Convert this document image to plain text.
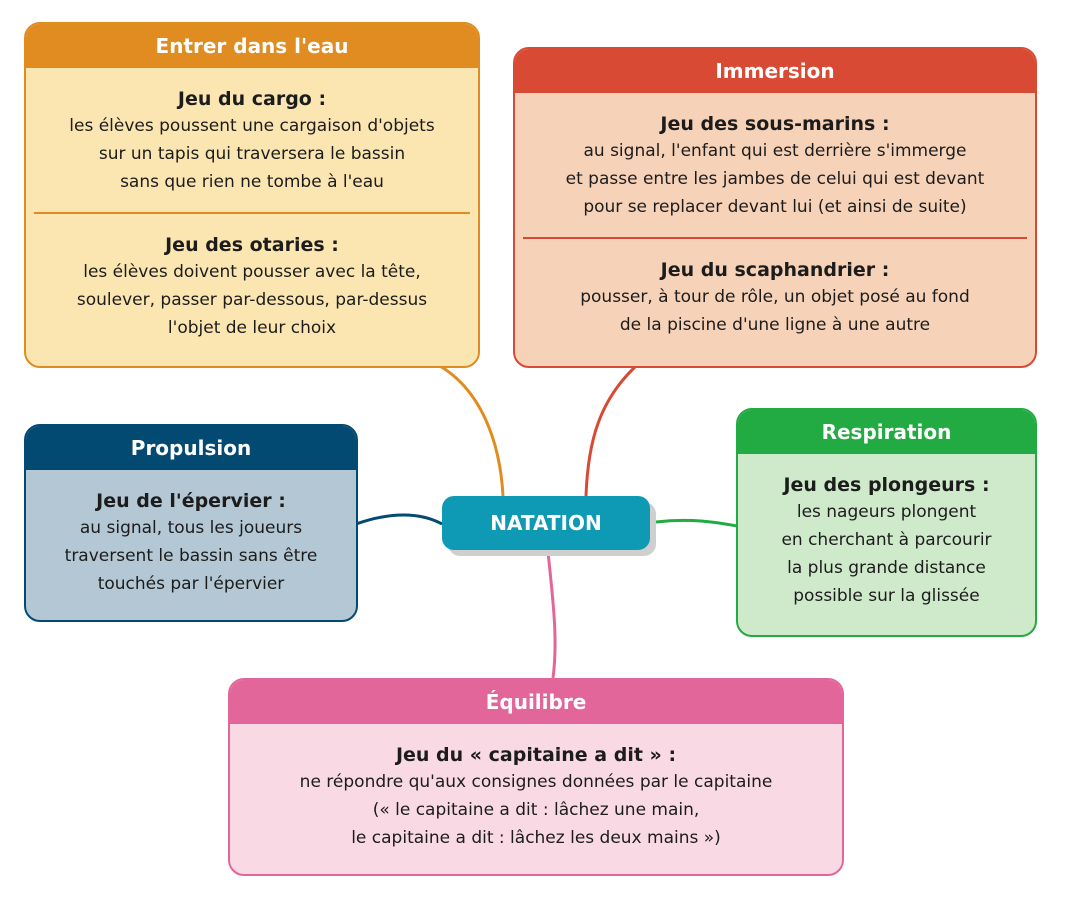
Entrer dans l'eau
Jeu du cargo :
les élèves poussent une cargaison d'objets
sur un tapis qui traversera le bassin
sans que rien ne tombe à l'eau
Jeu des otaries :
les élèves doivent pousser avec la tête,
soulever, passer par-dessous, par-dessus
l'objet de leur choix
Immersion
Jeu des sous-marins :
au signal, l'enfant qui est derrière s'immerge
et passe entre les jambes de celui qui est devant
pour se replacer devant lui (et ainsi de suite)
Jeu du scaphandrier :
pousser, à tour de rôle, un objet posé au fond
de la piscine d'une ligne à une autre
Propulsion
Jeu de l'épervier :
au signal, tous les joueurs
traversent le bassin sans être
touchés par l'épervier
Respiration
Jeu des plongeurs :
les nageurs plongent
en cherchant à parcourir
la plus grande distance
possible sur la glissée
Équilibre
Jeu du « capitaine a dit » :
ne répondre qu'aux consignes données par le capitaine
(« le capitaine a dit : lâchez une main,
le capitaine a dit : lâchez les deux mains »)
NATATION
